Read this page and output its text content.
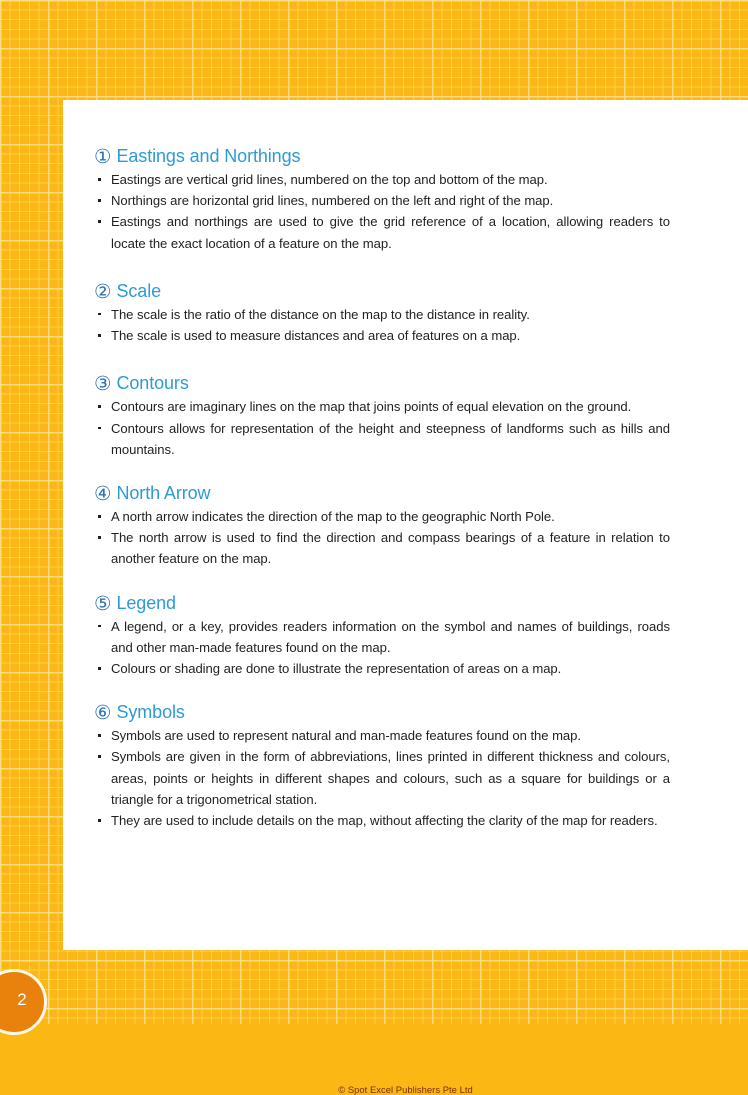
① Eastings and Northings
Eastings are vertical grid lines, numbered on the top and bottom of the map.
Northings are horizontal grid lines, numbered on the left and right of the map.
Eastings and northings are used to give the grid reference of a location, allowing readers to locate the exact location of a feature on the map.
② Scale
The scale is the ratio of the distance on the map to the distance in reality.
The scale is used to measure distances and area of features on a map.
③ Contours
Contours are imaginary lines on the map that joins points of equal elevation on the ground.
Contours allows for representation of the height and steepness of landforms such as hills and mountains.
④ North Arrow
A north arrow indicates the direction of the map to the geographic North Pole.
The north arrow is used to find the direction and compass bearings of a feature in relation to another feature on the map.
⑤ Legend
A legend, or a key, provides readers information on the symbol and names of buildings, roads and other man-made features found on the map.
Colours or shading are done to illustrate the representation of areas on a map.
⑥ Symbols
Symbols are used to represent natural and man-made features found on the map.
Symbols are given in the form of abbreviations, lines printed in different thickness and colours, areas, points or heights in different shapes and colours, such as a square for buildings or a triangle for a trigonometrical station.
They are used to include details on the map, without affecting the clarity of the map for readers.
© Spot Excel Publishers Pte Ltd
2
